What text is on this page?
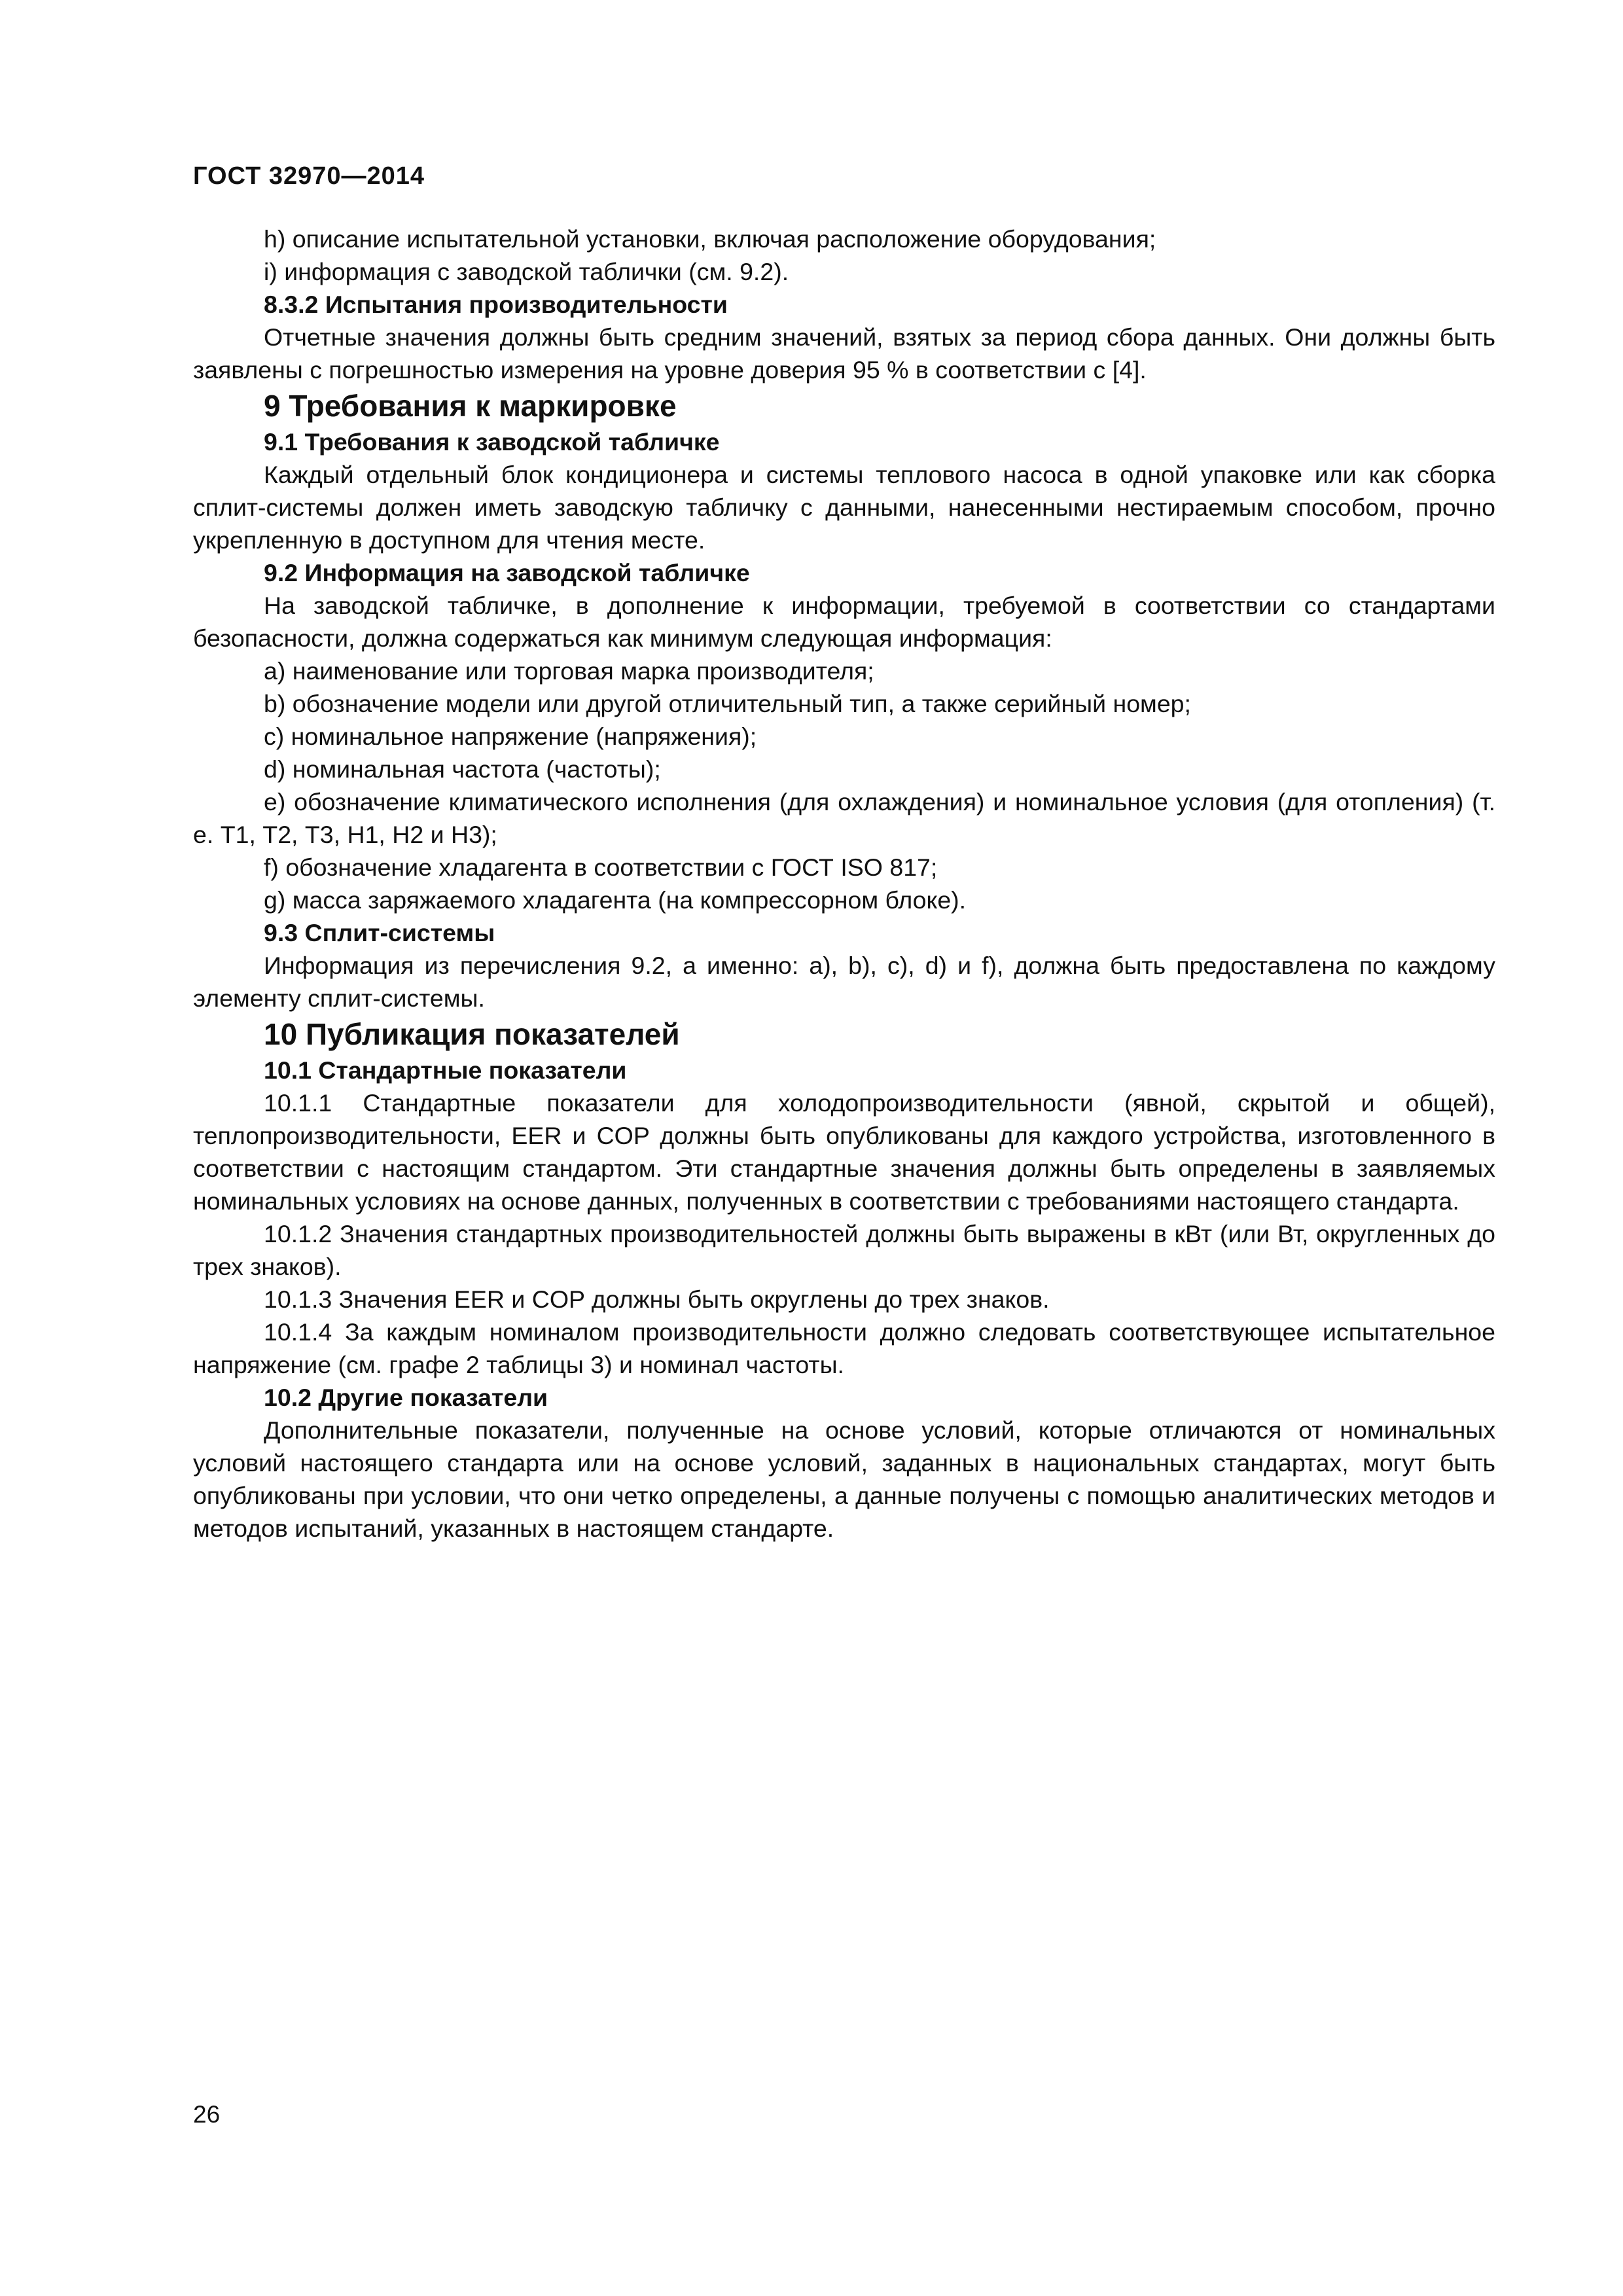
ГОСТ 32970—2014

h) описание испытательной установки, включая расположение оборудования;

i) информация с заводской таблички (см. 9.2).

8.3.2 Испытания производительности

Отчетные значения должны быть средним значений, взятых за период сбора данных. Они должны быть заявлены с погрешностью измерения на уровне доверия 95 % в соответствии с [4].

9 Требования к маркировке

9.1 Требования к заводской табличке

Каждый отдельный блок кондиционера и системы теплового насоса в одной упаковке или как сборка сплит-системы должен иметь заводскую табличку с данными, нанесенными нестираемым способом, прочно укрепленную в доступном для чтения месте.

9.2 Информация на заводской табличке

На заводской табличке, в дополнение к информации, требуемой в соответствии со стандартами безопасности, должна содержаться как минимум следующая информация:

a) наименование или торговая марка производителя;

b) обозначение модели или другой отличительный тип, а также серийный номер;

c) номинальное напряжение (напряжения);

d) номинальная частота (частоты);

e) обозначение климатического исполнения (для охлаждения) и номинальное условия (для отопления) (т. е. Т1, Т2, Т3, Н1, Н2 и Н3);

f) обозначение хладагента в соответствии с ГОСТ ISO 817;

g) масса заряжаемого хладагента (на компрессорном блоке).

9.3 Сплит-системы

Информация из перечисления 9.2, а именно: a), b), c), d) и f), должна быть предоставлена по каждому элементу сплит-системы.

10 Публикация показателей

10.1 Стандартные показатели

10.1.1 Стандартные показатели для холодопроизводительности (явной, скрытой и общей), теплопроизводительности, EER и COP должны быть опубликованы для каждого устройства, изготовленного в соответствии с настоящим стандартом. Эти стандартные значения должны быть определены в заявляемых номинальных условиях на основе данных, полученных в соответствии с требованиями настоящего стандарта.

10.1.2 Значения стандартных производительностей должны быть выражены в кВт (или Вт, округленных до трех знаков).

10.1.3 Значения EER и COP должны быть округлены до трех знаков.

10.1.4 За каждым номиналом производительности должно следовать соответствующее испытательное напряжение (см. графе 2 таблицы 3) и номинал частоты.

10.2 Другие показатели

Дополнительные показатели, полученные на основе условий, которые отличаются от номинальных условий настоящего стандарта или на основе условий, заданных в национальных стандартах, могут быть опубликованы при условии, что они четко определены, а данные получены с помощью аналитических методов и методов испытаний, указанных в настоящем стандарте.

26
